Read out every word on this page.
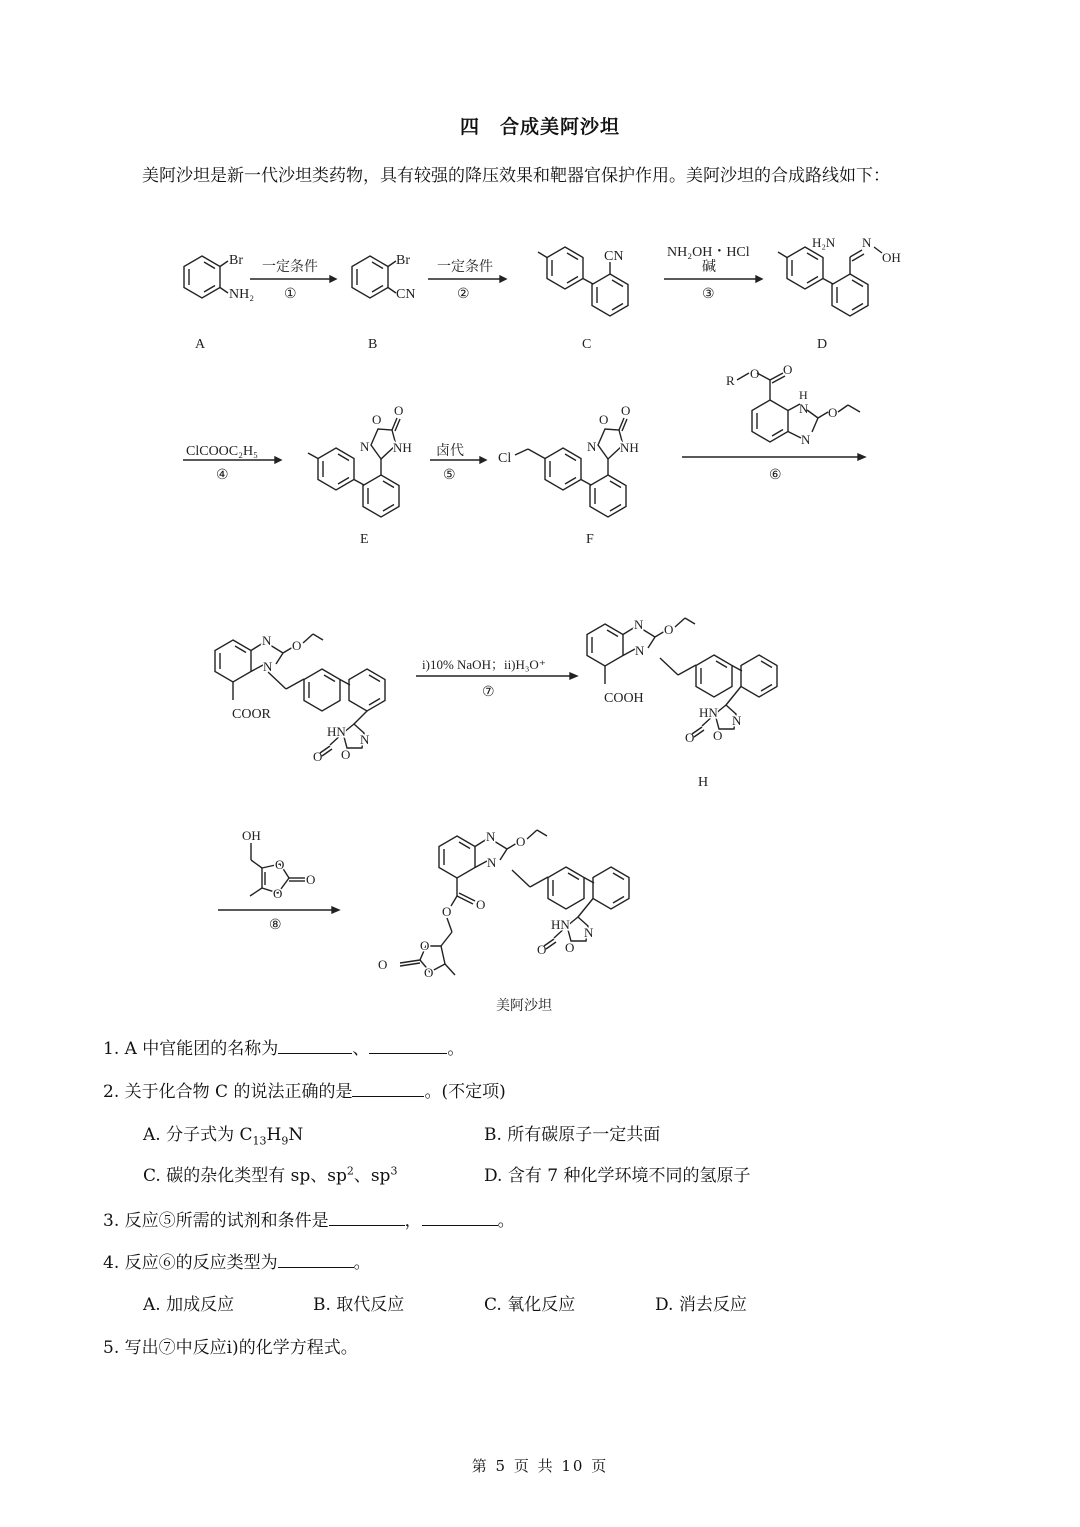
四　合成美阿沙坦
美阿沙坦是新一代沙坦类药物，具有较强的降压效果和靶器官保护作用。美阿沙坦的合成路线如下：
Br
NH₂
A
一定条件
①
Br
CN
B
一定条件
②
CN
C
NH₂OH・HCl
碱
③
H₂N N
OH
D
ClCOOC₂H₅
④
O
O
N NH
E
卤代
⑤
Cl
O
O
N NH
F
R O O
H
N
N
O
⑥
N O
N
COOR
HN
N
O O
i)10% NaOH；ii)H₃O⁺
⑦
N O
N
COOH
HN
N
O O
H
OH
O
O
O
⑧
N O
N
O
O
O
O
O
HN
N
O O
美阿沙坦
1. A 中官能团的名称为	、	。
2. 关于化合物 C 的说法正确的是	。(不定项)
A. 分子式为 $C_{13}H_9N$	B. 所有碳原子一定共面
C. 碳的杂化类型有 sp、$sp^2$、$sp^3$	D. 含有 7 种化学环境不同的氢原子
3. 反应⑤所需的试剂和条件是	，	。
4. 反应⑥的反应类型为	。
A. 加成反应	B. 取代反应	C. 氧化反应	D. 消去反应
5. 写出⑦中反应i)的化学方程式。
第 5 页 共 10 页
